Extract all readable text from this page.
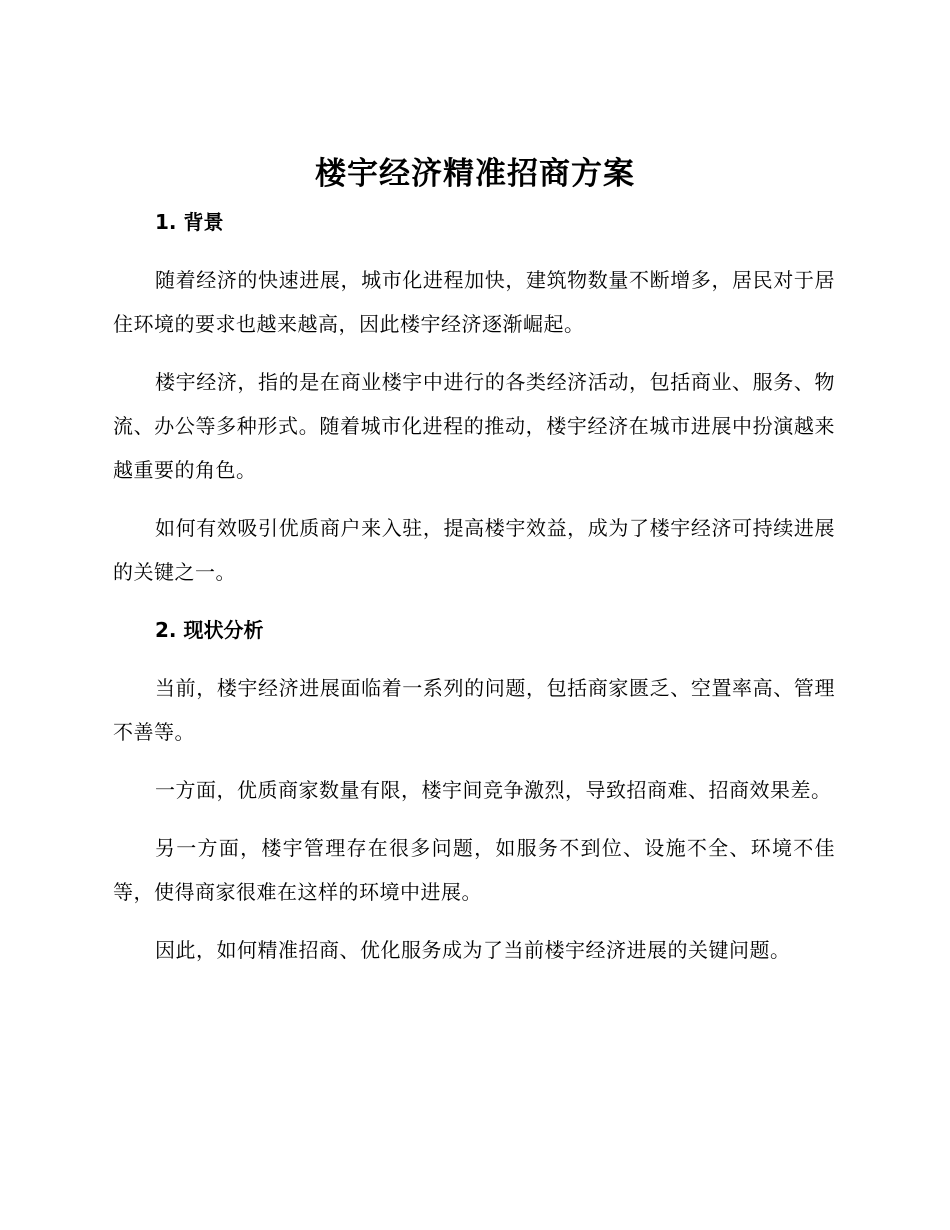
楼宇经济精准招商方案
1. 背景

随着经济的快速进展，城市化进程加快，建筑物数量不断增多，居民对于居住环境的要求也越来越高，因此楼宇经济逐渐崛起。

楼宇经济，指的是在商业楼宇中进行的各类经济活动，包括商业、服务、物流、办公等多种形式。随着城市化进程的推动，楼宇经济在城市进展中扮演越来越重要的角色。

如何有效吸引优质商户来入驻，提高楼宇效益，成为了楼宇经济可持续进展的关键之一。

2. 现状分析

当前，楼宇经济进展面临着一系列的问题，包括商家匮乏、空置率高、管理不善等。

一方面，优质商家数量有限，楼宇间竞争激烈，导致招商难、招商效果差。

另一方面，楼宇管理存在很多问题，如服务不到位、设施不全、环境不佳等，使得商家很难在这样的环境中进展。

因此，如何精准招商、优化服务成为了当前楼宇经济进展的关键问题。
